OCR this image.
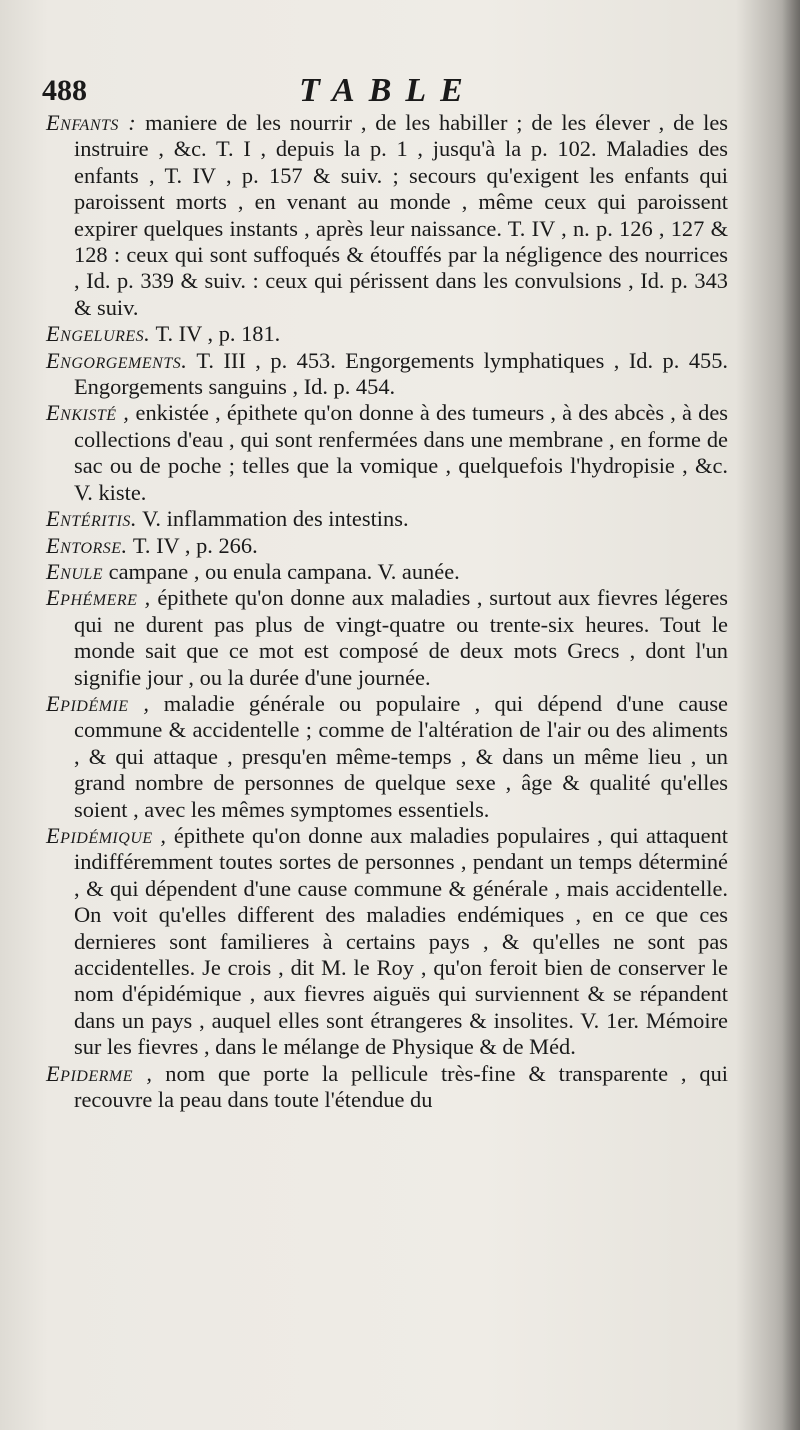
488	TABLE

Enfants : maniere de les nourrir , de les habiller ; de les élever , de les instruire , &c. T. I , depuis la p. 1 , jusqu'à la p. 102. Maladies des enfants , T. IV , p. 157 & suiv. ; secours qu'exigent les enfants qui paroissent morts , en venant au monde , même ceux qui paroissent expirer quelques instants , après leur naissance. T. IV , n. p. 126 , 127 & 128 : ceux qui sont suffoqués & étouffés par la négligence des nourrices , Id. p. 339 & suiv. : ceux qui périssent dans les convulsions , Id. p. 343 & suiv.

Engelures. T. IV , p. 181.

Engorgements. T. III , p. 453. Engorgements lymphatiques , Id. p. 455. Engorgements sanguins , Id. p. 454.

Enkisté , enkistée , épithete qu'on donne à des tumeurs , à des abcès , à des collections d'eau , qui sont renfermées dans une membrane , en forme de sac ou de poche ; telles que la vomique , quelquefois l'hydropisie , &c. V. kiste.

Entéritis. V. inflammation des intestins.

Entorse. T. IV , p. 266.

Enule campane , ou enula campana. V. aunée.

Ephémere , épithete qu'on donne aux maladies , surtout aux fievres légeres qui ne durent pas plus de vingt-quatre ou trente-six heures. Tout le monde sait que ce mot est composé de deux mots Grecs , dont l'un signifie jour , ou la durée d'une journée.

Epidémie , maladie générale ou populaire , qui dépend d'une cause commune & accidentelle ; comme de l'altération de l'air ou des aliments , & qui attaque , presqu'en même-temps , & dans un même lieu , un grand nombre de personnes de quelque sexe , âge & qualité qu'elles soient , avec les mêmes symptomes essentiels.

Epidémique , épithete qu'on donne aux maladies populaires , qui attaquent indifféremment toutes sortes de personnes , pendant un temps déterminé , & qui dépendent d'une cause commune & générale , mais accidentelle. On voit qu'elles different des maladies endémiques , en ce que ces dernieres sont familieres à certains pays , & qu'elles ne sont pas accidentelles. Je crois , dit M. le Roy , qu'on feroit bien de conserver le nom d'épidémique , aux fievres aiguës qui surviennent & se répandent dans un pays , auquel elles sont étrangeres & insolites. V. 1er. Mémoire sur les fievres , dans le mélange de Physique & de Méd.

Epiderme , nom que porte la pellicule très-fine & transparente , qui recouvre la peau dans toute l'étendue du
